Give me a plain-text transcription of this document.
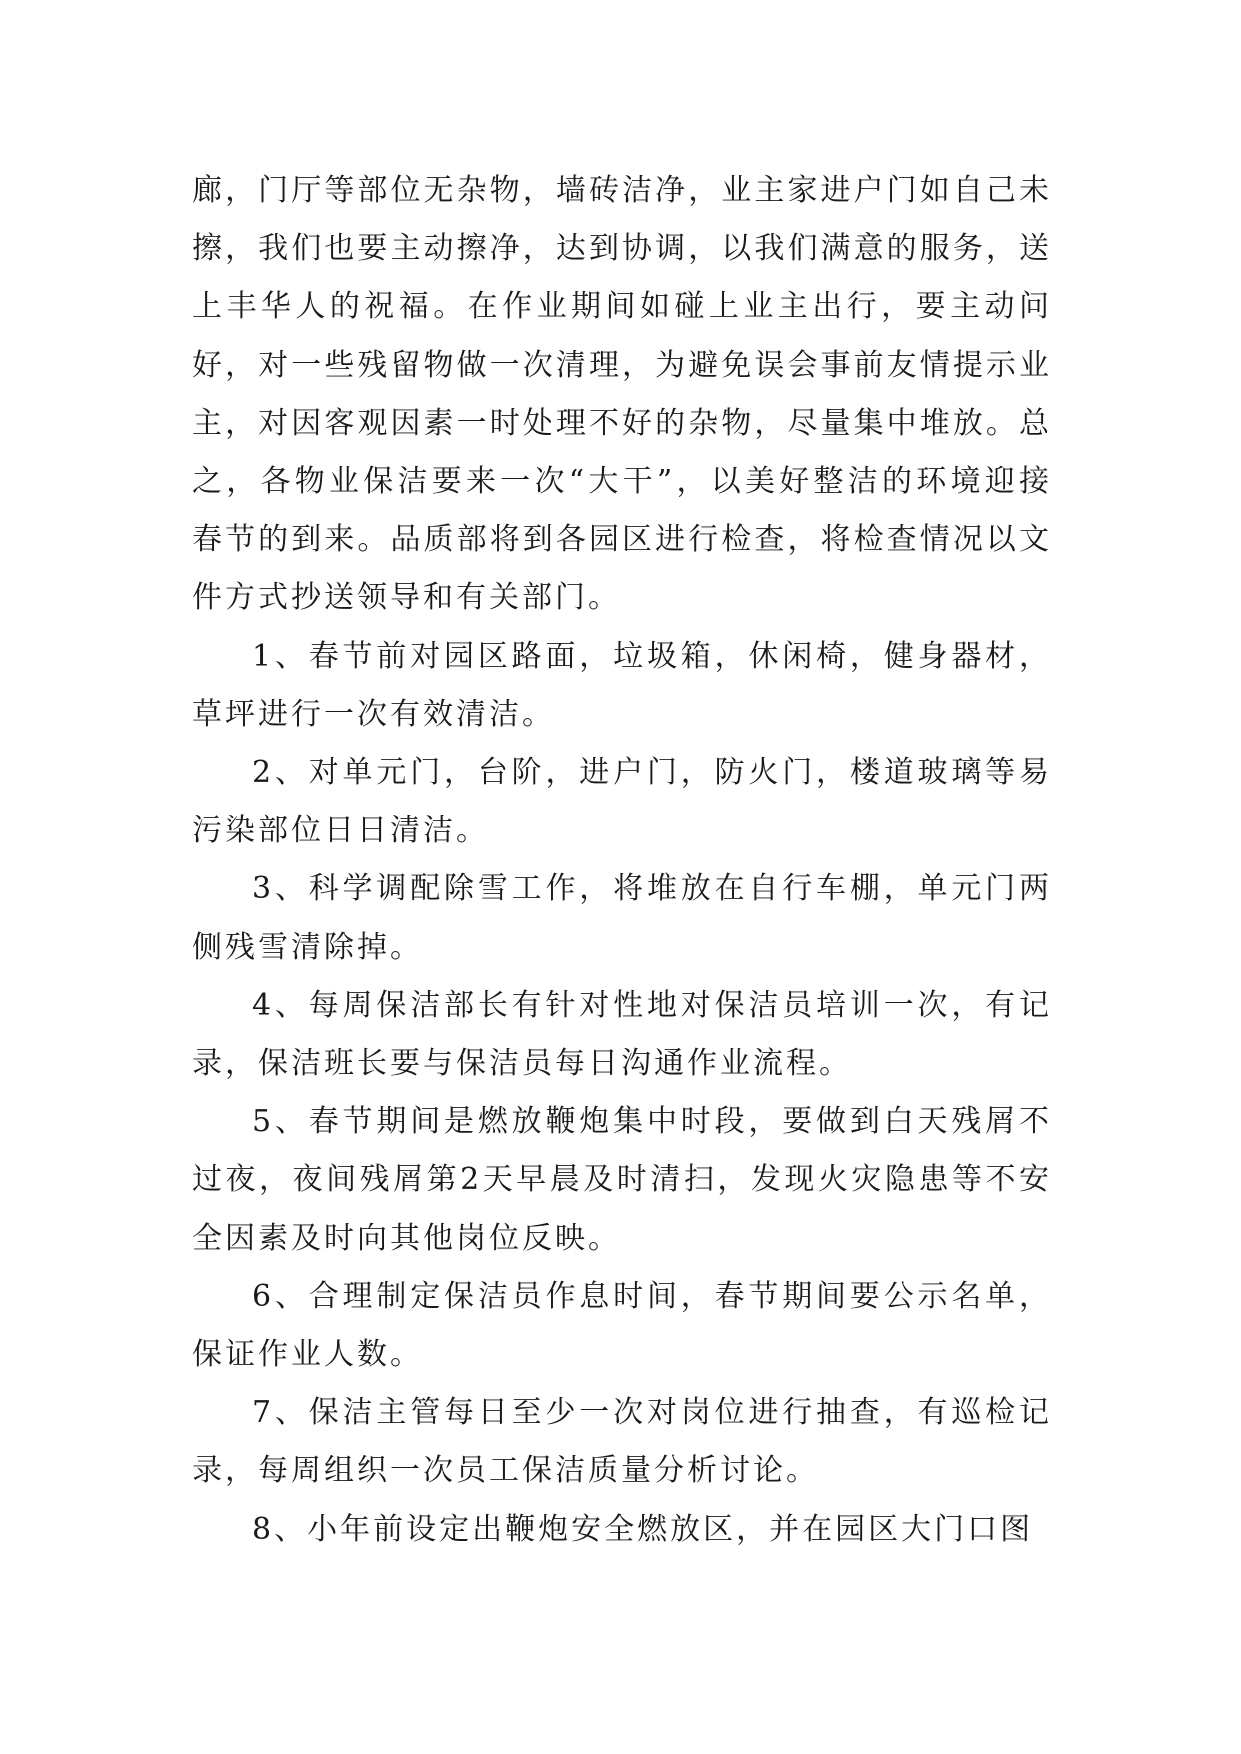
廊，门厅等部位无杂物，墙砖洁净，业主家进户门如自己未擦，我们也要主动擦净，达到协调，以我们满意的服务，送上丰华人的祝福。在作业期间如碰上业主出行，要主动问好，对一些残留物做一次清理，为避免误会事前友情提示业主，对因客观因素一时处理不好的杂物，尽量集中堆放。总之，各物业保洁要来一次“大干”，以美好整洁的环境迎接春节的到来。品质部将到各园区进行检查，将检查情况以文件方式抄送领导和有关部门。

1、春节前对园区路面，垃圾箱，休闲椅，健身器材，草坪进行一次有效清洁。

2、对单元门，台阶，进户门，防火门，楼道玻璃等易污染部位日日清洁。

3、科学调配除雪工作，将堆放在自行车棚，单元门两侧残雪清除掉。

4、每周保洁部长有针对性地对保洁员培训一次，有记录，保洁班长要与保洁员每日沟通作业流程。

5、春节期间是燃放鞭炮集中时段，要做到白天残屑不过夜，夜间残屑第2天早晨及时清扫，发现火灾隐患等不安全因素及时向其他岗位反映。

6、合理制定保洁员作息时间，春节期间要公示名单，保证作业人数。

7、保洁主管每日至少一次对岗位进行抽查，有巡检记录，每周组织一次员工保洁质量分析讨论。

8、小年前设定出鞭炮安全燃放区，并在园区大门口图
